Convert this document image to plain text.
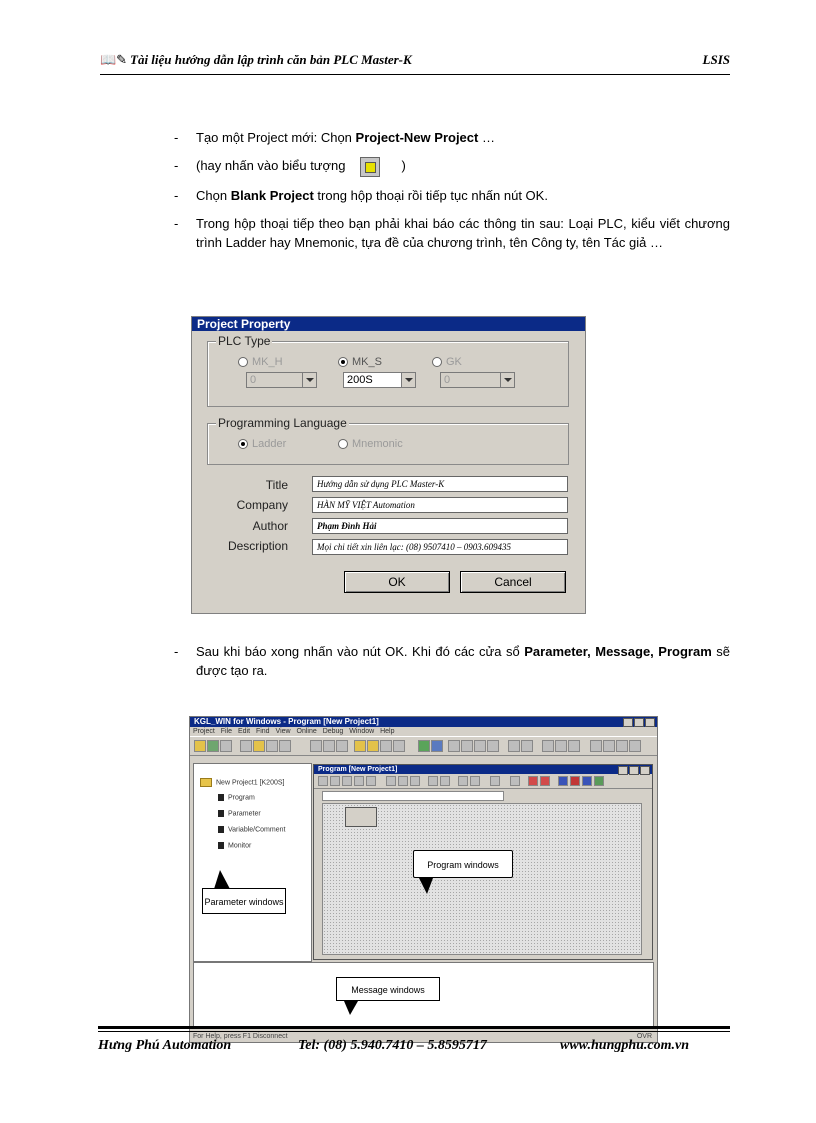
📖✎ Tài liệu hướng dẫn lập trình căn bản PLC Master-K	LSIS
- Tạo một Project mới: Chọn Project-New Project …
- (hay nhấn vào biểu tượng	)
- Chọn Blank Project trong hộp thoại rồi tiếp tục nhấn nút OK.
- Trong hộp thoại tiếp theo bạn phải khai báo các thông tin sau: Loại PLC, kiểu viết chương trình Ladder hay Mnemonic, tựa đề của chương trình, tên Công ty, tên Tác giả …
Project Property
PLC Type
MK_H	MK_S	GK
0	200S	0
Programming Language
Ladder	Mnemonic
Title	Hướng dẫn sử dụng PLC Master-K
Company	HÀN MỸ VIỆT Automation
Author	Phạm Đình Hải
Description	Mọi chi tiết xin liên lạc: (08) 9507410 – 0903.609435
OK	Cancel
- Sau khi báo xong nhấn vào nút OK. Khi đó các cửa sổ Parameter, Message, Program sẽ được tạo ra.
KGL_WIN for Windows - Program [New Project1]
Project File Edit Find View Online Debug Window Help
New Project1 [K200S]
Program
Parameter
Variable/Comment
Monitor
Parameter windows
Program [New Project1]
Program windows
Message windows
For Help, press F1 Disconnect	OVR
Hưng Phú Automation	Tel: (08) 5.940.7410 – 5.8595717	www.hungphu.com.vn
